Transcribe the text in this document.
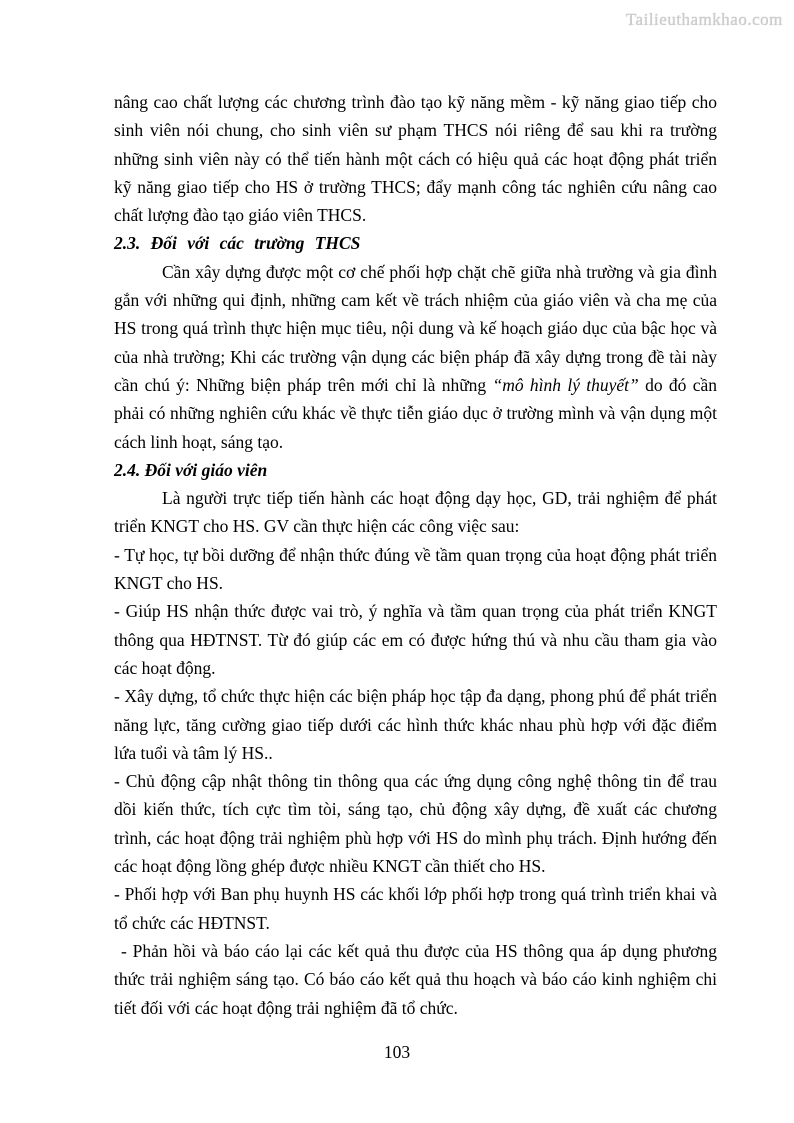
Tailieuthamkhao.com

nâng cao chất lượng các chương trình đào tạo kỹ năng mềm - kỹ năng giao tiếp cho sinh viên nói chung, cho sinh viên sư phạm THCS nói riêng để sau khi ra trường những sinh viên này có thể tiến hành một cách có hiệu quả các hoạt động phát triển kỹ năng giao tiếp cho HS ở trường THCS; đẩy mạnh công tác nghiên cứu nâng cao chất lượng đào tạo giáo viên THCS.

2.3. Đối với các trường THCS

Cần xây dựng được một cơ chế phối hợp chặt chẽ giữa nhà trường và gia đình gắn với những qui định, những cam kết về trách nhiệm của giáo viên và cha mẹ của HS trong quá trình thực hiện mục tiêu, nội dung và kế hoạch giáo dục của bậc học và của nhà trường; Khi các trường vận dụng các biện pháp đã xây dựng trong đề tài này cần chú ý: Những biện pháp trên mới chỉ là những “mô hình lý thuyết” do đó cần phải có những nghiên cứu khác về thực tiễn giáo dục ở trường mình và vận dụng một cách linh hoạt, sáng tạo.

2.4. Đối với giáo viên

Là người trực tiếp tiến hành các hoạt động dạy học, GD, trải nghiệm để phát triển KNGT cho HS. GV cần thực hiện các công việc sau:

- Tự học, tự bồi dưỡng để nhận thức đúng về tầm quan trọng của hoạt động phát triển KNGT cho HS.

- Giúp HS nhận thức được vai trò, ý nghĩa và tầm quan trọng của phát triển KNGT thông qua HĐTNST. Từ đó giúp các em có được hứng thú và nhu cầu tham gia vào các hoạt động.

- Xây dựng, tổ chức thực hiện các biện pháp học tập đa dạng, phong phú để phát triển năng lực, tăng cường giao tiếp dưới các hình thức khác nhau phù hợp với đặc điểm lứa tuổi và tâm lý HS..

- Chủ động cập nhật thông tin thông qua các ứng dụng công nghệ thông tin để trau dồi kiến thức, tích cực tìm tòi, sáng tạo, chủ động xây dựng, đề xuất các chương trình, các hoạt động trải nghiệm phù hợp với HS do mình phụ trách. Định hướng đến các hoạt động lồng ghép được nhiều KNGT cần thiết cho HS.

- Phối hợp với Ban phụ huynh HS các khối lớp phối hợp trong quá trình triển khai và tổ chức các HĐTNST.

- Phản hồi và báo cáo lại các kết quả thu được của HS thông qua áp dụng phương thức trải nghiệm sáng tạo. Có báo cáo kết quả thu hoạch và báo cáo kinh nghiệm chi tiết đối với các hoạt động trải nghiệm đã tổ chức.

103
